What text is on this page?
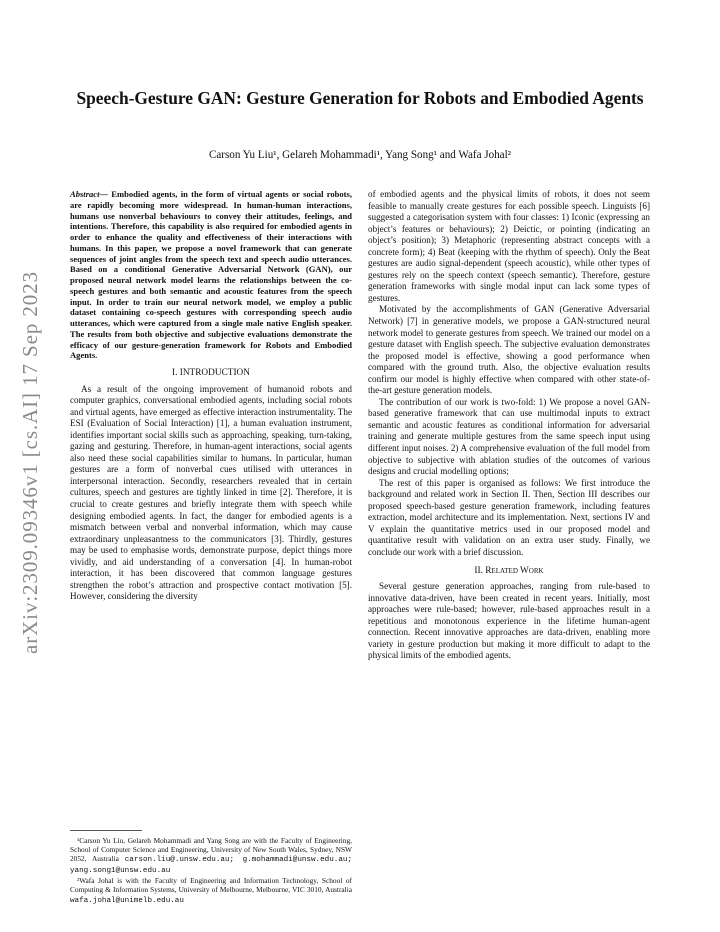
arXiv:2309.09346v1 [cs.AI] 17 Sep 2023
Speech-Gesture GAN: Gesture Generation for Robots and Embodied Agents
Carson Yu Liu¹, Gelareh Mohammadi¹, Yang Song¹ and Wafa Johal²
Abstract— Embodied agents, in the form of virtual agents or social robots, are rapidly becoming more widespread. In human-human interactions, humans use nonverbal behaviours to convey their attitudes, feelings, and intentions. Therefore, this capability is also required for embodied agents in order to enhance the quality and effectiveness of their interactions with humans. In this paper, we propose a novel framework that can generate sequences of joint angles from the speech text and speech audio utterances. Based on a conditional Generative Adversarial Network (GAN), our proposed neural network model learns the relationships between the co-speech gestures and both semantic and acoustic features from the speech input. In order to train our neural network model, we employ a public dataset containing co-speech gestures with corresponding speech audio utterances, which were captured from a single male native English speaker. The results from both objective and subjective evaluations demonstrate the efficacy of our gesture-generation framework for Robots and Embodied Agents.
I. INTRODUCTION

As a result of the ongoing improvement of humanoid robots and computer graphics, conversational embodied agents, including social robots and virtual agents, have emerged as effective interaction instrumentality. The ESI (Evaluation of Social Interaction) [1], a human evaluation instrument, identifies important social skills such as approaching, speaking, turn-taking, gazing and gesturing. Therefore, in human-agent interactions, social agents also need these social capabilities similar to humans. In particular, human gestures are a form of nonverbal cues utilised with utterances in interpersonal interaction. Secondly, researchers revealed that in certain cultures, speech and gestures are tightly linked in time [2]. Therefore, it is crucial to create gestures and briefly integrate them with speech while designing embodied agents. In fact, the danger for embodied agents is a mismatch between verbal and nonverbal information, which may cause extraordinary unpleasantness to the communicators [3]. Thirdly, gestures may be used to emphasise words, demonstrate purpose, depict things more vividly, and aid understanding of a conversation [4]. In human-robot interaction, it has been discovered that common language gestures strengthen the robot’s attraction and prospective contact motivation [5]. However, considering the diversity

of embodied agents and the physical limits of robots, it does not seem feasible to manually create gestures for each possible speech. Linguists [6] suggested a categorisation system with four classes: 1) Iconic (expressing an object’s features or behaviours); 2) Deictic, or pointing (indicating an object’s position); 3) Metaphoric (representing abstract concepts with a concrete form); 4) Beat (keeping with the rhythm of speech). Only the Beat gestures are audio signal-dependent (speech acoustic), while other types of gestures rely on the speech context (speech semantic). Therefore, gesture generation frameworks with single modal input can lack some types of gestures.

Motivated by the accomplishments of GAN (Generative Adversarial Network) [7] in generative models, we propose a GAN-structured neural network model to generate gestures from speech. We trained our model on a gesture dataset with English speech. The subjective evaluation demonstrates the proposed model is effective, showing a good performance when compared with the ground truth. Also, the objective evaluation results confirm our model is highly effective when compared with other state-of-the-art gesture generation models.

The contribution of our work is two-fold: 1) We propose a novel GAN-based generative framework that can use multimodal inputs to extract semantic and acoustic features as conditional information for adversarial training and generate multiple gestures from the same speech input using different input noises. 2) A comprehensive evaluation of the full model from objective to subjective with ablation studies of the outcomes of various designs and crucial modelling options;

The rest of this paper is organised as follows: We first introduce the background and related work in Section II. Then, Section III describes our proposed speech-based gesture generation framework, including features extraction, model architecture and its implementation. Next, sections IV and V explain the quantitative metrics used in our proposed model and quantitative result with validation on an extra user study. Finally, we conclude our work with a brief discussion.

II. Related Work

Several gesture generation approaches, ranging from rule-based to innovative data-driven, have been created in recent years. Initially, most approaches were rule-based; however, rule-based approaches result in a repetitious and monotonous experience in the lifetime human-agent connection. Recent innovative approaches are data-driven, enabling more variety in gesture production but making it more difficult to adapt to the physical limits of the embodied agents.

¹Carson Yu Liu, Gelareh Mohammadi and Yang Song are with the Faculty of Engineering, School of Computer Science and Engineering, University of New South Wales, Sydney, NSW 2052, Australia carson.liu@.unsw.edu.au; g.mohammadi@unsw.edu.au; yang.song1@unsw.edu.au

²Wafa Johal is with the Faculty of Engineering and Information Technology, School of Computing & Information Systems, University of Melbourne, Melbourne, VIC 3010, Australia wafa.johal@unimelb.edu.au
